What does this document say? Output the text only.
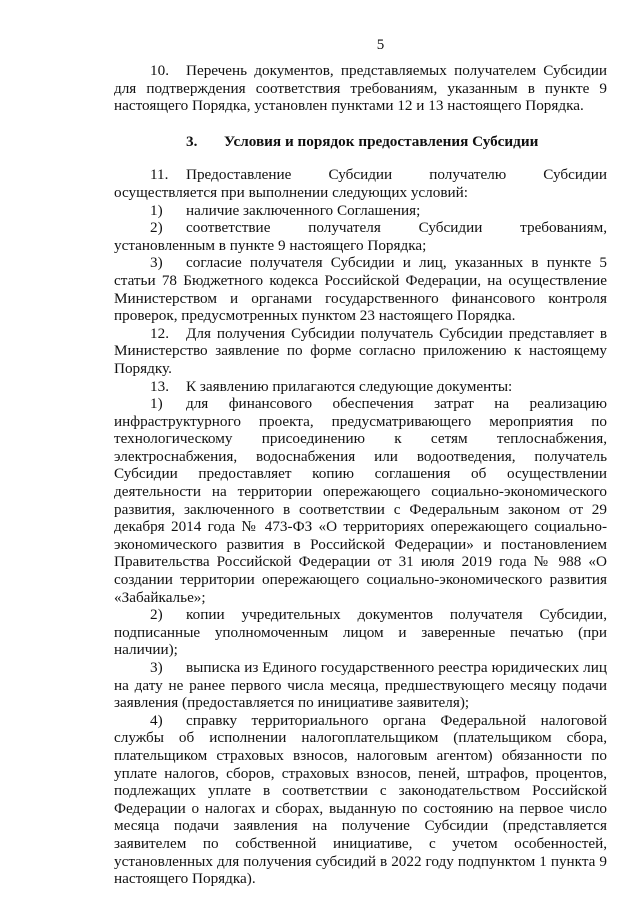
5

10. Перечень документов, представляемых получателем Субсидии для подтверждения соответствия требованиям, указанным в пункте 9 настоящего Порядка, установлен пунктами 12 и 13 настоящего Порядка.

3. Условия и порядок предоставления Субсидии

11. Предоставление Субсидии получателю Субсидии осуществляется при выполнении следующих условий:

1) наличие заключенного Соглашения;

2) соответствие получателя Субсидии требованиям, установленным в пункте 9 настоящего Порядка;

3) согласие получателя Субсидии и лиц, указанных в пункте 5 статьи 78 Бюджетного кодекса Российской Федерации, на осуществление Министерством и органами государственного финансового контроля проверок, предусмотренных пунктом 23 настоящего Порядка.

12. Для получения Субсидии получатель Субсидии представляет в Министерство заявление по форме согласно приложению к настоящему Порядку.

13. К заявлению прилагаются следующие документы:

1) для финансового обеспечения затрат на реализацию инфраструктурного проекта, предусматривающего мероприятия по технологическому присоединению к сетям теплоснабжения, электроснабжения, водоснабжения или водоотведения, получатель Субсидии предоставляет копию соглашения об осуществлении деятельности на территории опережающего социально-экономического развития, заключенного в соответствии с Федеральным законом от 29 декабря 2014 года № 473-ФЗ «О территориях опережающего социально-экономического развития в Российской Федерации» и постановлением Правительства Российской Федерации от 31 июля 2019 года № 988 «О создании территории опережающего социально-экономического развития «Забайкалье»;

2) копии учредительных документов получателя Субсидии, подписанные уполномоченным лицом и заверенные печатью (при наличии);

3) выписка из Единого государственного реестра юридических лиц на дату не ранее первого числа месяца, предшествующего месяцу подачи заявления (предоставляется по инициативе заявителя);

4) справку территориального органа Федеральной налоговой службы об исполнении налогоплательщиком (плательщиком сбора, плательщиком страховых взносов, налоговым агентом) обязанности по уплате налогов, сборов, страховых взносов, пеней, штрафов, процентов, подлежащих уплате в соответствии с законодательством Российской Федерации о налогах и сборах, выданную по состоянию на первое число месяца подачи заявления на получение Субсидии (представляется заявителем по собственной инициативе, с учетом особенностей, установленных для получения субсидий в 2022 году подпунктом 1 пункта 9 настоящего Порядка).
